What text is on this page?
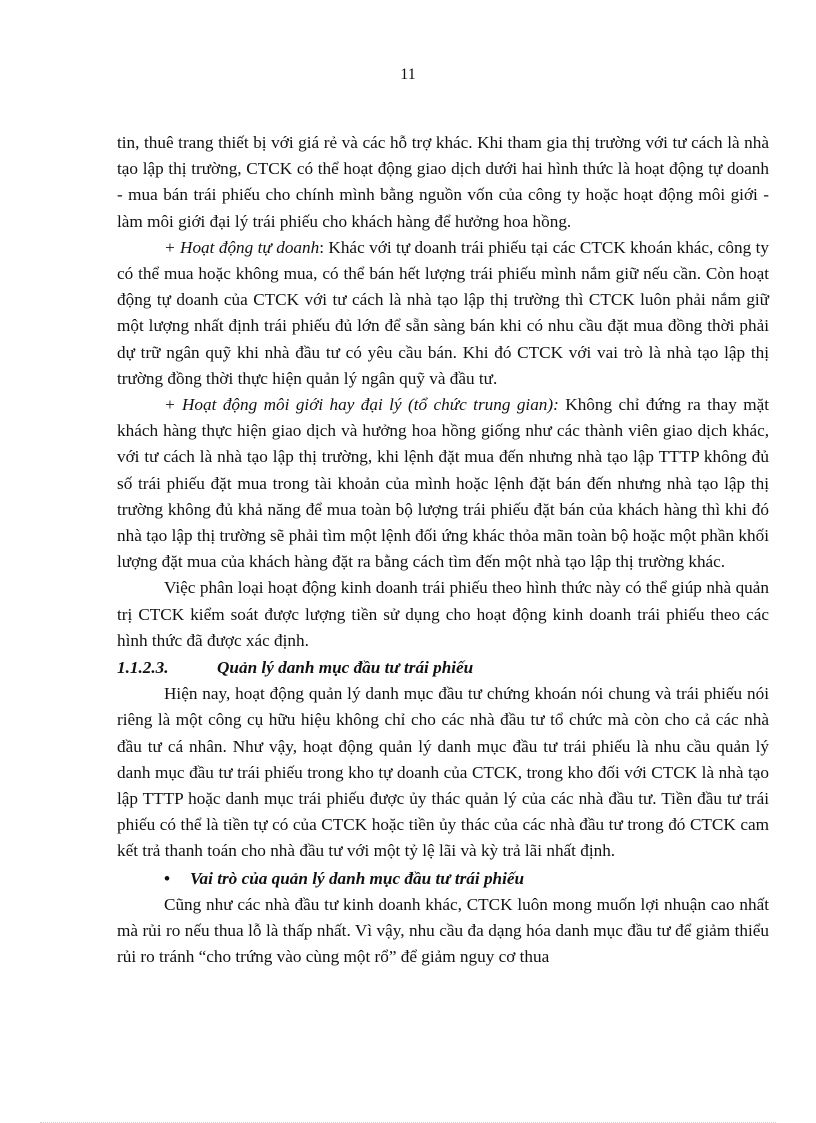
11

tin, thuê trang thiết bị với giá rẻ và các hỗ trợ khác. Khi tham gia thị trường với tư cách là nhà tạo lập thị trường, CTCK có thể hoạt động giao dịch dưới hai hình thức là hoạt động tự doanh - mua bán trái phiếu cho chính mình bằng nguồn vốn của công ty hoặc hoạt động môi giới - làm môi giới đại lý trái phiếu cho khách hàng để hưởng hoa hồng.

+ Hoạt động tự doanh: Khác với tự doanh trái phiếu tại các CTCK khoán khác, công ty có thể mua hoặc không mua, có thể bán hết lượng trái phiếu mình nắm giữ nếu cần. Còn hoạt động tự doanh của CTCK với tư cách là nhà tạo lập thị trường thì CTCK luôn phải nắm giữ một lượng nhất định trái phiếu đủ lớn để sẵn sàng bán khi có nhu cầu đặt mua đồng thời phải dự trữ ngân quỹ khi nhà đầu tư có yêu cầu bán. Khi đó CTCK với vai trò là nhà tạo lập thị trường đồng thời thực hiện quản lý ngân quỹ và đầu tư.

+ Hoạt động môi giới hay đại lý (tổ chức trung gian): Không chỉ đứng ra thay mặt khách hàng thực hiện giao dịch và hưởng hoa hồng giống như các thành viên giao dịch khác, với tư cách là nhà tạo lập thị trường, khi lệnh đặt mua đến nhưng nhà tạo lập TTTP không đủ số trái phiếu đặt mua trong tài khoản của mình hoặc lệnh đặt bán đến nhưng nhà tạo lập thị trường không đủ khả năng để mua toàn bộ lượng trái phiếu đặt bán của khách hàng thì khi đó nhà tạo lập thị trường sẽ phải tìm một lệnh đối ứng khác thỏa mãn toàn bộ hoặc một phần khối lượng đặt mua của khách hàng đặt ra bằng cách tìm đến một nhà tạo lập thị trường khác.

Việc phân loại hoạt động kinh doanh trái phiếu theo hình thức này có thể giúp nhà quản trị CTCK kiểm soát được lượng tiền sử dụng cho hoạt động kinh doanh trái phiếu theo các hình thức đã được xác định.

1.1.2.3.	Quản lý danh mục đầu tư trái phiếu

Hiện nay, hoạt động quản lý danh mục đầu tư chứng khoán nói chung và trái phiếu nói riêng là một công cụ hữu hiệu không chỉ cho các nhà đầu tư tổ chức mà còn cho cả các nhà đầu tư cá nhân. Như vậy, hoạt động quản lý danh mục đầu tư trái phiếu là nhu cầu quản lý danh mục đầu tư trái phiếu trong kho tự doanh của CTCK, trong kho đối với CTCK là nhà tạo lập TTTP hoặc danh mục trái phiếu được ủy thác quản lý của các nhà đầu tư. Tiền đầu tư trái phiếu có thể là tiền tự có của CTCK hoặc tiền ủy thác của các nhà đầu tư trong đó CTCK cam kết trả thanh toán cho nhà đầu tư với một tỷ lệ lãi và kỳ trả lãi nhất định.

•	Vai trò của quản lý danh mục đầu tư trái phiếu

Cũng như các nhà đầu tư kinh doanh khác, CTCK luôn mong muốn lợi nhuận cao nhất mà rủi ro nếu thua lỗ là thấp nhất. Vì vậy, nhu cầu đa dạng hóa danh mục đầu tư để giảm thiểu rủi ro tránh “cho trứng vào cùng một rổ” để giảm nguy cơ thua
